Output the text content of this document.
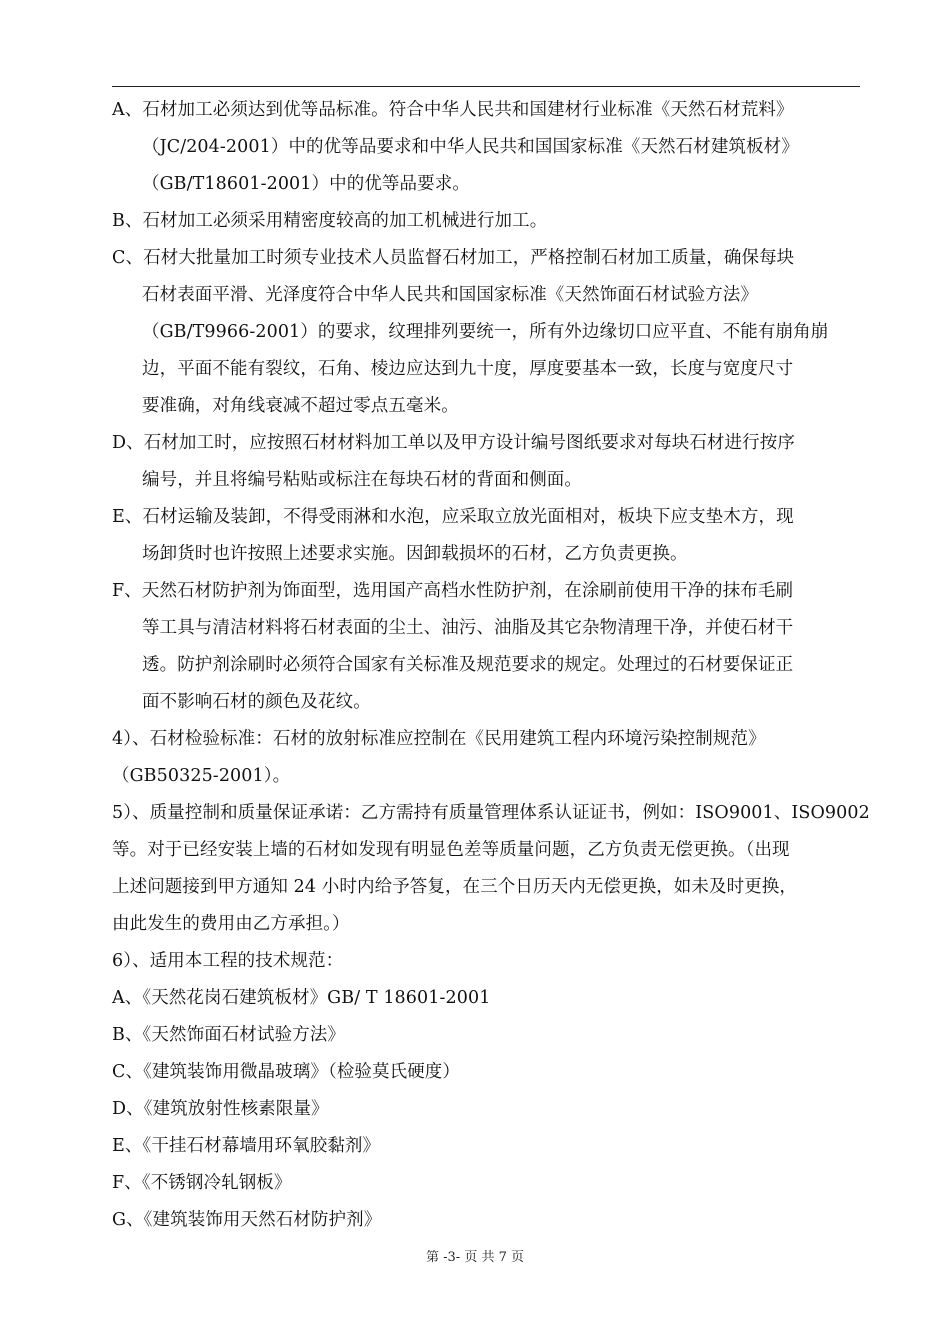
A、石材加工必须达到优等品标准。符合中华人民共和国建材行业标准《天然石材荒料》
（JC/204-2001）中的优等品要求和中华人民共和国国家标准《天然石材建筑板材》
（GB/T18601-2001）中的优等品要求。
B、石材加工必须采用精密度较高的加工机械进行加工。
C、石材大批量加工时须专业技术人员监督石材加工，严格控制石材加工质量，确保每块
石材表面平滑、光泽度符合中华人民共和国国家标准《天然饰面石材试验方法》
（GB/T9966-2001）的要求，纹理排列要统一，所有外边缘切口应平直、不能有崩角崩
边，平面不能有裂纹，石角、棱边应达到九十度，厚度要基本一致，长度与宽度尺寸
要准确，对角线衰减不超过零点五毫米。
D、石材加工时，应按照石材材料加工单以及甲方设计编号图纸要求对每块石材进行按序
编号，并且将编号粘贴或标注在每块石材的背面和侧面。
E、石材运输及装卸，不得受雨淋和水泡，应采取立放光面相对，板块下应支垫木方，现
场卸货时也许按照上述要求实施。因卸载损坏的石材，乙方负责更换。
F、天然石材防护剂为饰面型，选用国产高档水性防护剂，在涂刷前使用干净的抹布毛刷
等工具与清洁材料将石材表面的尘土、油污、油脂及其它杂物清理干净，并使石材干
透。防护剂涂刷时必须符合国家有关标准及规范要求的规定。处理过的石材要保证正
面不影响石材的颜色及花纹。
4）、石材检验标准：石材的放射标准应控制在《民用建筑工程内环境污染控制规范》
（GB50325-2001）。
5）、质量控制和质量保证承诺：乙方需持有质量管理体系认证证书，例如：ISO9001、ISO9002
等。对于已经安装上墙的石材如发现有明显色差等质量问题，乙方负责无偿更换。（出现
上述问题接到甲方通知 24 小时内给予答复，在三个日历天内无偿更换，如未及时更换，
由此发生的费用由乙方承担。）
6）、适用本工程的技术规范：
A、《天然花岗石建筑板材》GB/ T 18601-2001
B、《天然饰面石材试验方法》
C、《建筑装饰用微晶玻璃》（检验莫氏硬度）
D、《建筑放射性核素限量》
E、《干挂石材幕墙用环氧胶黏剂》
F、《不锈钢冷轧钢板》
G、《建筑装饰用天然石材防护剂》
第 -3- 页 共 7 页
